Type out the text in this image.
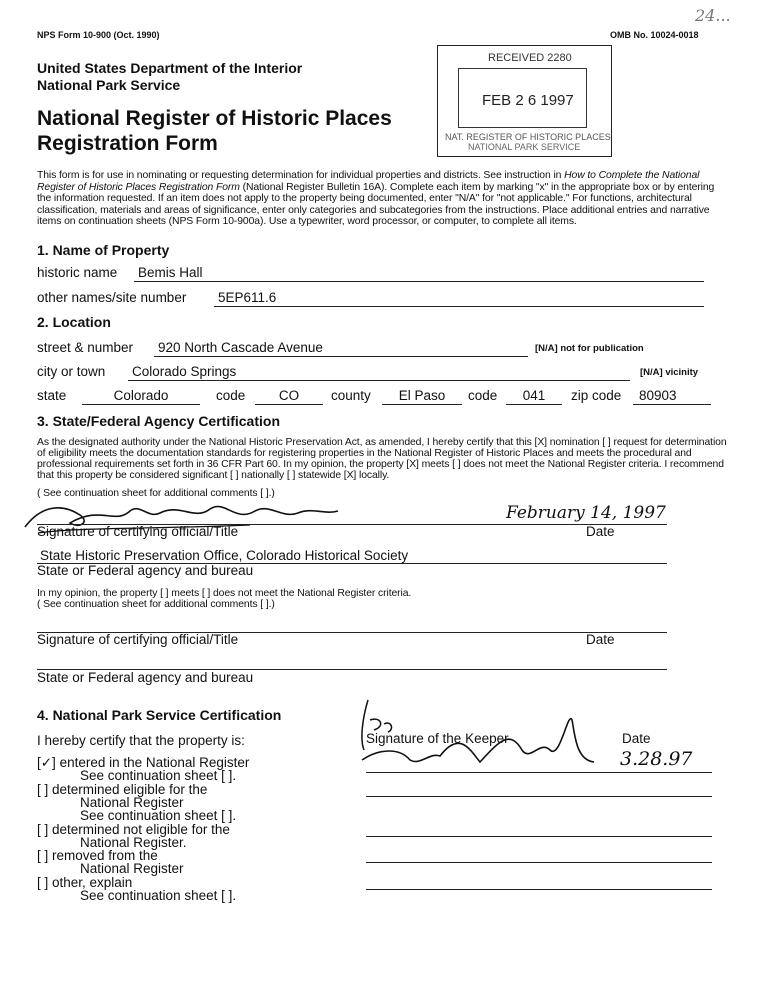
NPS Form 10-900 (Oct. 1990)	OMB No. 10024-0018
24...
United States Department of the Interior
National Park Service
National Register of Historic Places
Registration Form
RECEIVED 2280
FEB 2 6 1997
NAT. REGISTER OF HISTORIC PLACES
NATIONAL PARK SERVICE
This form is for use in nominating or requesting determination for individual properties and districts. See instruction in How to Complete the National Register of Historic Places Registration Form (National Register Bulletin 16A). Complete each item by marking "x" in the appropriate box or by entering the information requested. If an item does not apply to the property being documented, enter "N/A" for "not applicable." For functions, architectural classification, materials and areas of significance, enter only categories and subcategories from the instructions. Place additional entries and narrative items on continuation sheets (NPS Form 10-900a). Use a typewriter, word processor, or computer, to complete all items.
1. Name of Property
historic name Bemis Hall
other names/site number 5EP611.6
2. Location
street & number 920 North Cascade Avenue	[N/A] not for publication
city or town Colorado Springs	[N/A] vicinity
state	Colorado	code	CO	county	El Paso	code	041	zip code	80903
3. State/Federal Agency Certification
As the designated authority under the National Historic Preservation Act, as amended, I hereby certify that this [X] nomination [ ] request for determination of eligibility meets the documentation standards for registering properties in the National Register of Historic Places and meets the procedural and professional requirements set forth in 36 CFR Part 60. In my opinion, the property [X] meets [ ] does not meet the National Register criteria. I recommend that this property be considered significant [ ] nationally [ ] statewide [X] locally.
( See continuation sheet for additional comments [ ].)
February 14, 1997
Signature of certifying official/Title	Date
State Historic Preservation Office, Colorado Historical Society
State or Federal agency and bureau
In my opinion, the property [ ] meets [ ] does not meet the National Register criteria.
( See continuation sheet for additional comments [ ].)
Signature of certifying official/Title	Date
State or Federal agency and bureau
4. National Park Service Certification
I hereby certify that the property is:	Signature of the Keeper	Date
3.28.97
[✓] entered in the National Register
See continuation sheet [ ].
[ ] determined eligible for the
National Register
See continuation sheet [ ].
[ ] determined not eligible for the
National Register.
[ ] removed from the
National Register
[ ] other, explain
See continuation sheet [ ].
